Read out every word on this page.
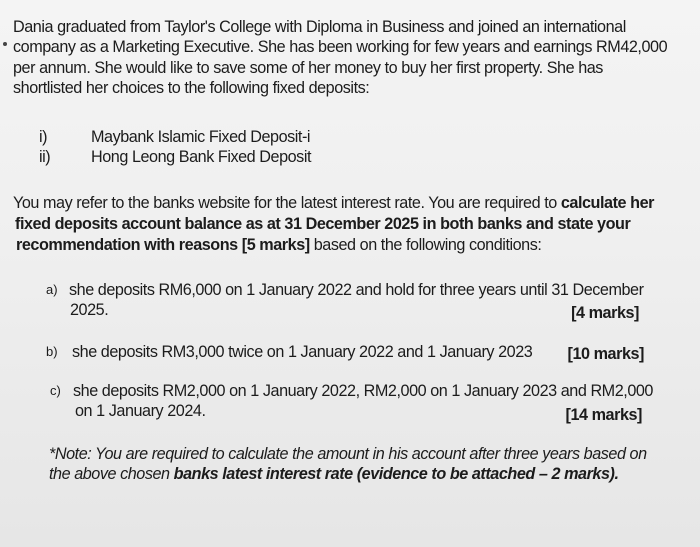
Dania graduated from Taylor's College with Diploma in Business and joined an international
company as a Marketing Executive. She has been working for few years and earnings RM42,000
per annum. She would like to save some of her money to buy her first property. She has
shortlisted her choices to the following fixed deposits:
i)	Maybank Islamic Fixed Deposit-i
ii)	Hong Leong Bank Fixed Deposit
You may refer to the banks website for the latest interest rate. You are required to calculate her
fixed deposits account balance as at 31 December 2025 in both banks and state your
recommendation with reasons [5 marks] based on the following conditions:
a) she deposits RM6,000 on 1 January 2022 and hold for three years until 31 December
2025.	[4 marks]
b) she deposits RM3,000 twice on 1 January 2022 and 1 January 2023 [10 marks]
c) she deposits RM2,000 on 1 January 2022, RM2,000 on 1 January 2023 and RM2,000
on 1 January 2024.	[14 marks]
*Note: You are required to calculate the amount in his account after three years based on
the above chosen banks latest interest rate (evidence to be attached – 2 marks).
